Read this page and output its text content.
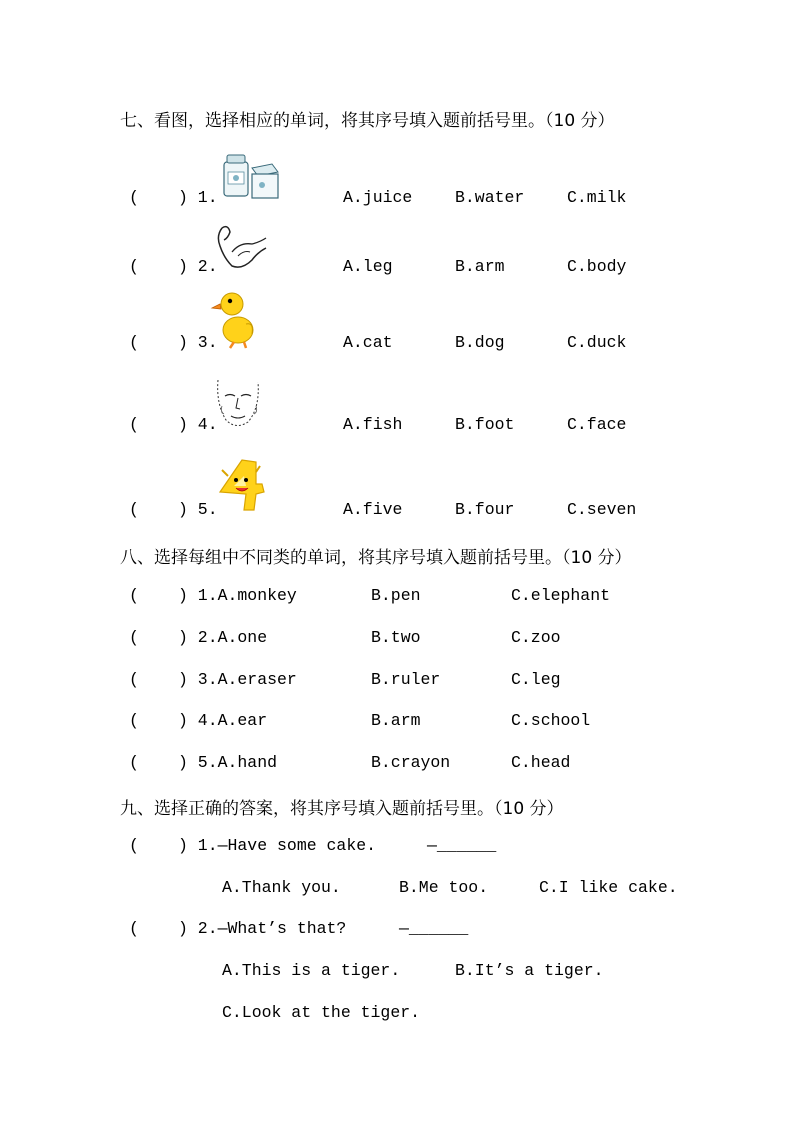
七、看图，选择相应的单词，将其序号填入题前括号里。（10 分）
( ) 1.	A.juice	B.water	C.milk
( ) 2.	A.leg	B.arm	C.body
( ) 3.	A.cat	B.dog	C.duck
( ) 4.	A.fish	B.foot	C.face
( ) 5.	A.five	B.four	C.seven
八、选择每组中不同类的单词，将其序号填入题前括号里。（10 分）
( ) 1.A.monkey	B.pen	C.elephant
( ) 2.A.one	B.two	C.zoo
( ) 3.A.eraser	B.ruler	C.leg
( ) 4.A.ear	B.arm	C.school
( ) 5.A.hand	B.crayon	C.head
九、选择正确的答案，将其序号填入题前括号里。（10 分）
( ) 1.—Have some cake.	—______
A.Thank you.	B.Me too.	C.I like cake.
( ) 2.—What’s that?	—______
A.This is a tiger.	B.It’s a tiger.
C.Look at the tiger.
